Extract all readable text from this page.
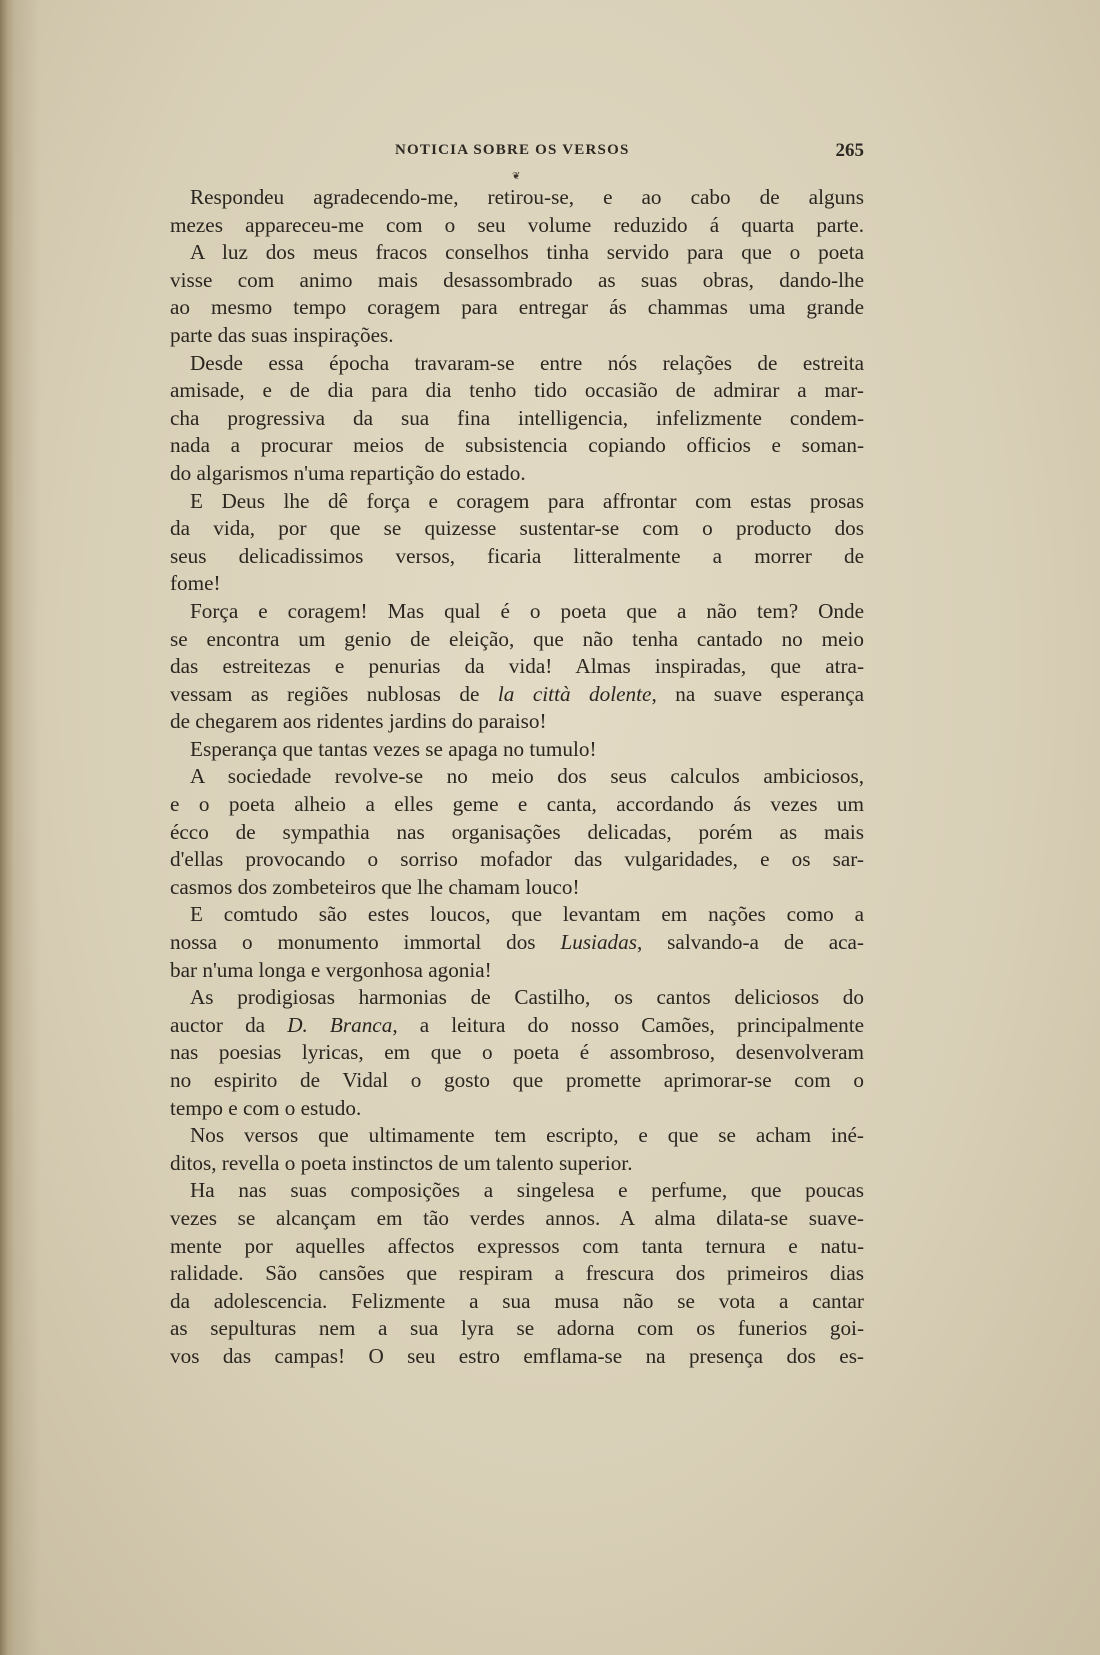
NOTICIA SOBRE OS VERSOS	265
❦
Respondeu agradecendo-me, retirou-se, e ao cabo de alguns
mezes appareceu-me com o seu volume reduzido á quarta parte.
A luz dos meus fracos conselhos tinha servido para que o poeta
visse com animo mais desassombrado as suas obras, dando-lhe
ao mesmo tempo coragem para entregar ás chammas uma grande
parte das suas inspirações.
Desde essa épocha travaram-se entre nós relações de estreita
amisade, e de dia para dia tenho tido occasião de admirar a mar-
cha progressiva da sua fina intelligencia, infelizmente condem-
nada a procurar meios de subsistencia copiando officios e soman-
do algarismos n'uma repartição do estado.
E Deus lhe dê força e coragem para affrontar com estas prosas
da vida, por que se quizesse sustentar-se com o producto dos
seus delicadissimos versos, ficaria litteralmente a morrer de
fome!
Força e coragem! Mas qual é o poeta que a não tem? Onde
se encontra um genio de eleição, que não tenha cantado no meio
das estreitezas e penurias da vida! Almas inspiradas, que atra-
vessam as regiões nublosas de la città dolente, na suave esperança
de chegarem aos ridentes jardins do paraiso!
Esperança que tantas vezes se apaga no tumulo!
A sociedade revolve-se no meio dos seus calculos ambiciosos,
e o poeta alheio a elles geme e canta, accordando ás vezes um
écco de sympathia nas organisações delicadas, porém as mais
d'ellas provocando o sorriso mofador das vulgaridades, e os sar-
casmos dos zombeteiros que lhe chamam louco!
E comtudo são estes loucos, que levantam em nações como a
nossa o monumento immortal dos Lusiadas, salvando-a de aca-
bar n'uma longa e vergonhosa agonia!
As prodigiosas harmonias de Castilho, os cantos deliciosos do
auctor da D. Branca, a leitura do nosso Camões, principalmente
nas poesias lyricas, em que o poeta é assombroso, desenvolveram
no espirito de Vidal o gosto que promette aprimorar-se com o
tempo e com o estudo.
Nos versos que ultimamente tem escripto, e que se acham iné-
ditos, revella o poeta instinctos de um talento superior.
Ha nas suas composições a singelesa e perfume, que poucas
vezes se alcançam em tão verdes annos. A alma dilata-se suave-
mente por aquelles affectos expressos com tanta ternura e natu-
ralidade. São cansões que respiram a frescura dos primeiros dias
da adolescencia. Felizmente a sua musa não se vota a cantar
as sepulturas nem a sua lyra se adorna com os funerios goi-
vos das campas! O seu estro emflama-se na presença dos es-
